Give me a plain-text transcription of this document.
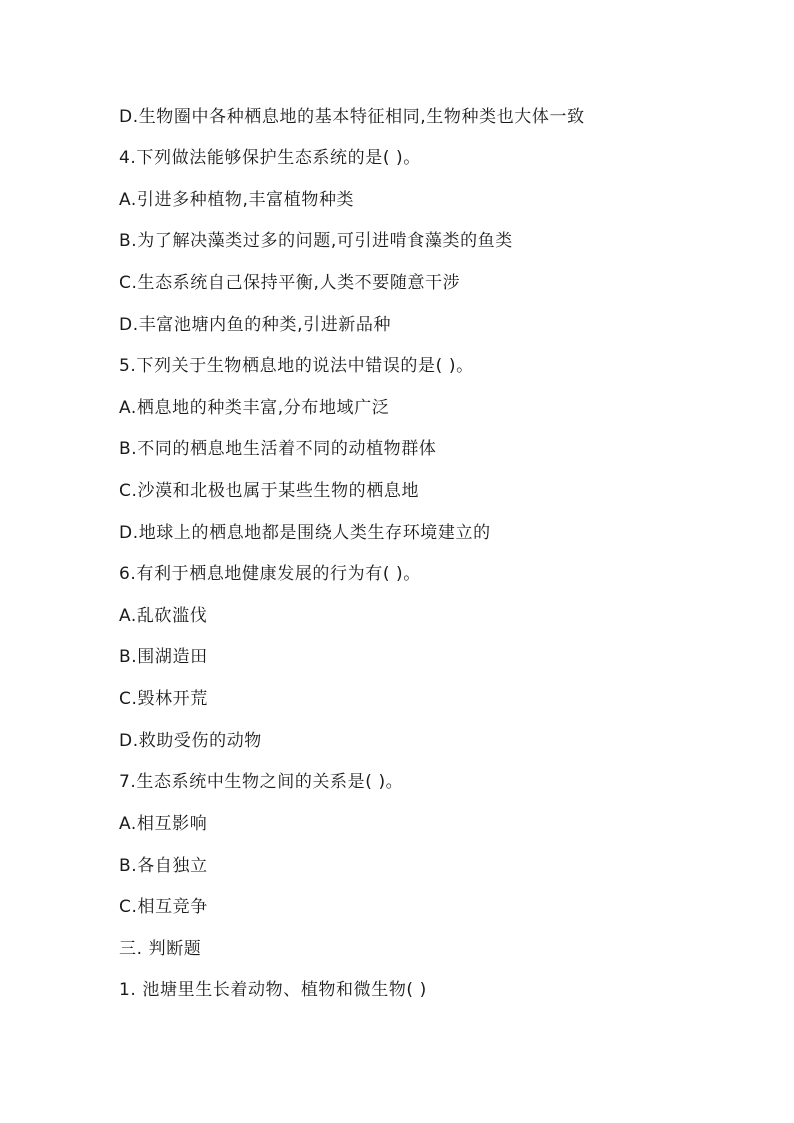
D.生物圈中各种栖息地的基本特征相同,生物种类也大体一致
4.下列做法能够保护生态系统的是( )。
A.引进多种植物,丰富植物种类
B.为了解决藻类过多的问题,可引进啃食藻类的鱼类
C.生态系统自己保持平衡,人类不要随意干涉
D.丰富池塘内鱼的种类,引进新品种
5.下列关于生物栖息地的说法中错误的是( )。
A.栖息地的种类丰富,分布地域广泛
B.不同的栖息地生活着不同的动植物群体
C.沙漠和北极也属于某些生物的栖息地
D.地球上的栖息地都是围绕人类生存环境建立的
6.有利于栖息地健康发展的行为有( )。
A.乱砍滥伐
B.围湖造田
C.毁林开荒
D.救助受伤的动物
7.生态系统中生物之间的关系是( )。
A.相互影响
B.各自独立
C.相互竞争
三. 判断题
1. 池塘里生长着动物、植物和微生物( )
